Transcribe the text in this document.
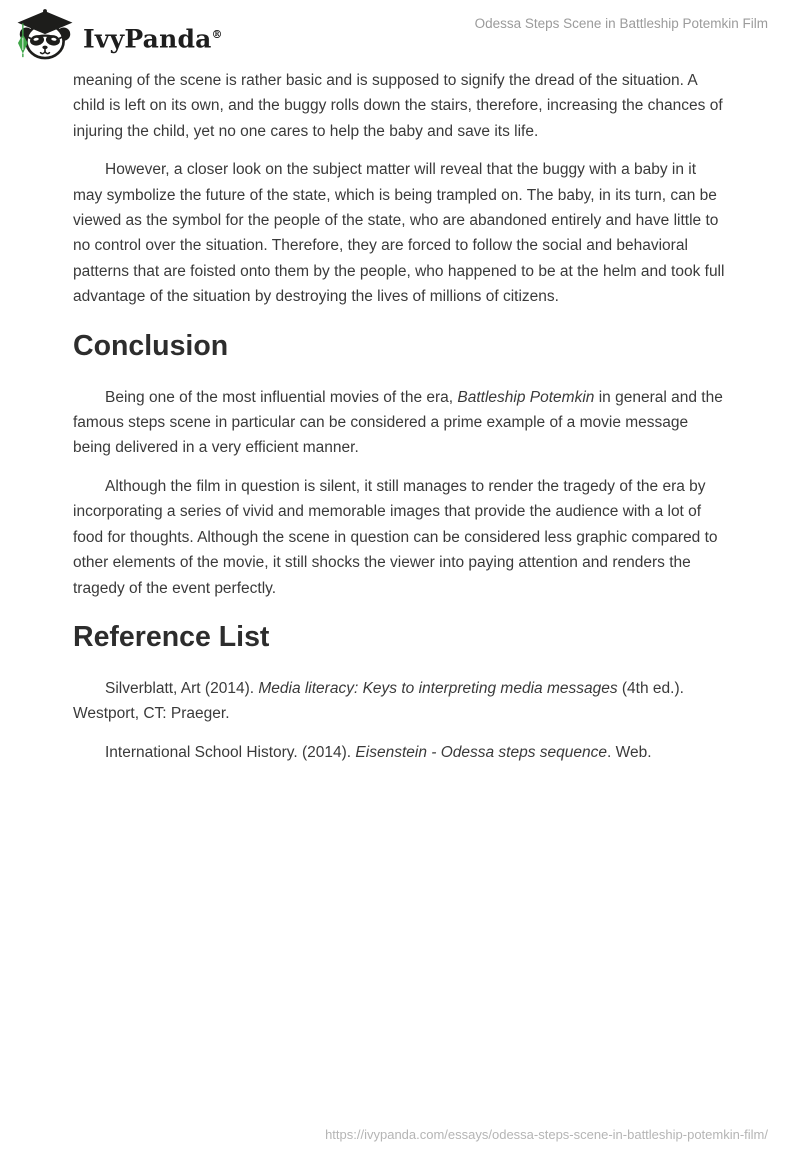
IvyPanda®
Odessa Steps Scene in Battleship Potemkin Film

meaning of the scene is rather basic and is supposed to signify the dread of the situation. A child is left on its own, and the buggy rolls down the stairs, therefore, increasing the chances of injuring the child, yet no one cares to help the baby and save its life.

However, a closer look on the subject matter will reveal that the buggy with a baby in it may symbolize the future of the state, which is being trampled on. The baby, in its turn, can be viewed as the symbol for the people of the state, who are abandoned entirely and have little to no control over the situation. Therefore, they are forced to follow the social and behavioral patterns that are foisted onto them by the people, who happened to be at the helm and took full advantage of the situation by destroying the lives of millions of citizens.

Conclusion

Being one of the most influential movies of the era, Battleship Potemkin in general and the famous steps scene in particular can be considered a prime example of a movie message being delivered in a very efficient manner.

Although the film in question is silent, it still manages to render the tragedy of the era by incorporating a series of vivid and memorable images that provide the audience with a lot of food for thoughts. Although the scene in question can be considered less graphic compared to other elements of the movie, it still shocks the viewer into paying attention and renders the tragedy of the event perfectly.

Reference List

Silverblatt, Art (2014). Media literacy: Keys to interpreting media messages (4th ed.). Westport, CT: Praeger.

International School History. (2014). Eisenstein - Odessa steps sequence. Web.

https://ivypanda.com/essays/odessa-steps-scene-in-battleship-potemkin-film/
